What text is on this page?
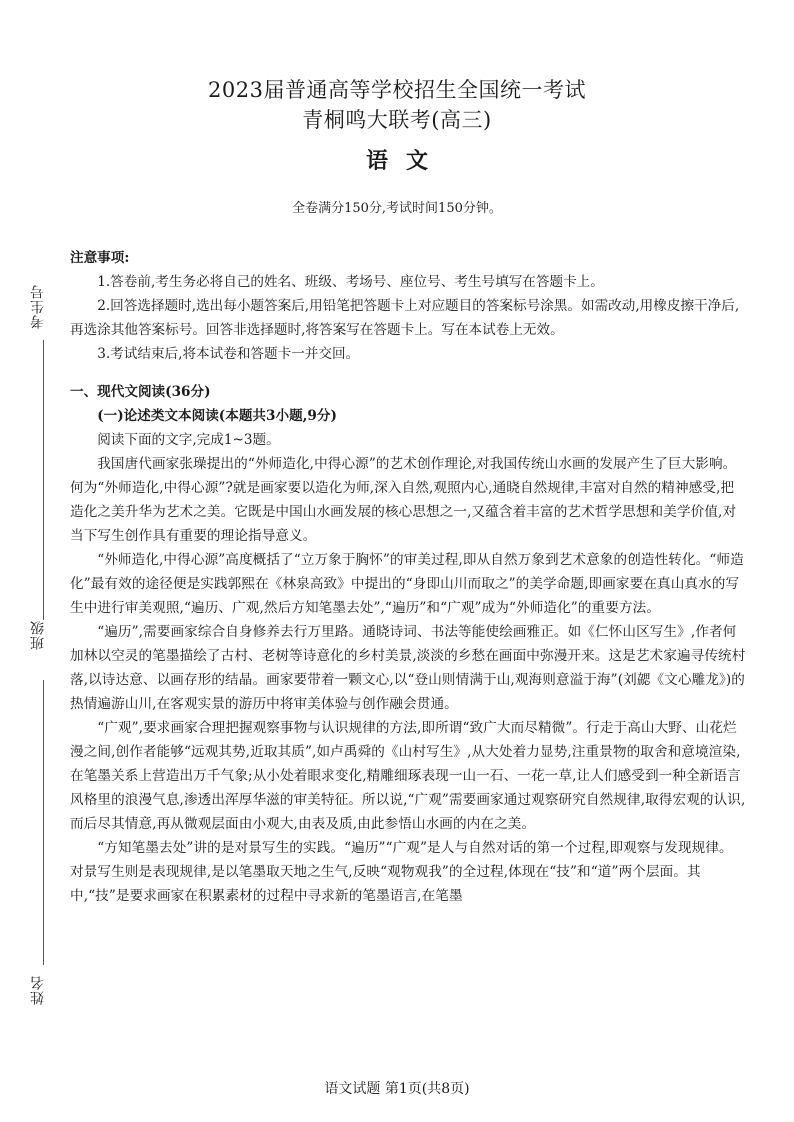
考生号
班级
姓名
2023届普通高等学校招生全国统一考试
青桐鸣大联考(高三)
语文
全卷满分150分,考试时间150分钟。

注意事项:

1.答卷前,考生务必将自己的姓名、班级、考场号、座位号、考生号填写在答题卡上。

2.回答选择题时,选出每小题答案后,用铅笔把答题卡上对应题目的答案标号涂黑。如需改动,用橡皮擦干净后,再选涂其他答案标号。回答非选择题时,将答案写在答题卡上。写在本试卷上无效。

3.考试结束后,将本试卷和答题卡一并交回。

一、现代文阅读(36分)

(一)论述类文本阅读(本题共3小题,9分)

阅读下面的文字,完成1~3题。

我国唐代画家张璪提出的“外师造化,中得心源”的艺术创作理论,对我国传统山水画的发展产生了巨大影响。何为“外师造化,中得心源”?就是画家要以造化为师,深入自然,观照内心,通晓自然规律,丰富对自然的精神感受,把造化之美升华为艺术之美。它既是中国山水画发展的核心思想之一,又蕴含着丰富的艺术哲学思想和美学价值,对当下写生创作具有重要的理论指导意义。

“外师造化,中得心源”高度概括了“立万象于胸怀”的审美过程,即从自然万象到艺术意象的创造性转化。“师造化”最有效的途径便是实践郭熙在《林泉高致》中提出的“身即山川而取之”的美学命题,即画家要在真山真水的写生中进行审美观照,“遍历、广观,然后方知笔墨去处”,“遍历”和“广观”成为“外师造化”的重要方法。

“遍历”,需要画家综合自身修养去行万里路。通晓诗词、书法等能使绘画雅正。如《仁怀山区写生》,作者何加林以空灵的笔墨描绘了古村、老树等诗意化的乡村美景,淡淡的乡愁在画面中弥漫开来。这是艺术家遍寻传统村落,以诗达意、以画存形的结晶。画家要带着一颗文心,以“登山则情满于山,观海则意溢于海”(刘勰《文心雕龙》)的热情遍游山川,在客观实景的游历中将审美体验与创作融会贯通。

“广观”,要求画家合理把握观察事物与认识规律的方法,即所谓“致广大而尽精微”。行走于高山大野、山花烂漫之间,创作者能够“远观其势,近取其质”,如卢禹舜的《山村写生》,从大处着力显势,注重景物的取舍和意境渲染,在笔墨关系上营造出万千气象;从小处着眼求变化,精雕细琢表现一山一石、一花一草,让人们感受到一种全新语言风格里的浪漫气息,渗透出浑厚华滋的审美特征。所以说,“广观”需要画家通过观察研究自然规律,取得宏观的认识,而后尽其情意,再从微观层面由小观大,由表及质,由此参悟山水画的内在之美。

“方知笔墨去处”讲的是对景写生的实践。“遍历”“广观”是人与自然对话的第一个过程,即观察与发现规律。对景写生则是表现规律,是以笔墨取天地之生气,反映“观物观我”的全过程,体现在“技”和“道”两个层面。其中,“技”是要求画家在积累素材的过程中寻求新的笔墨语言,在笔墨

语文试题 第1页(共8页)
